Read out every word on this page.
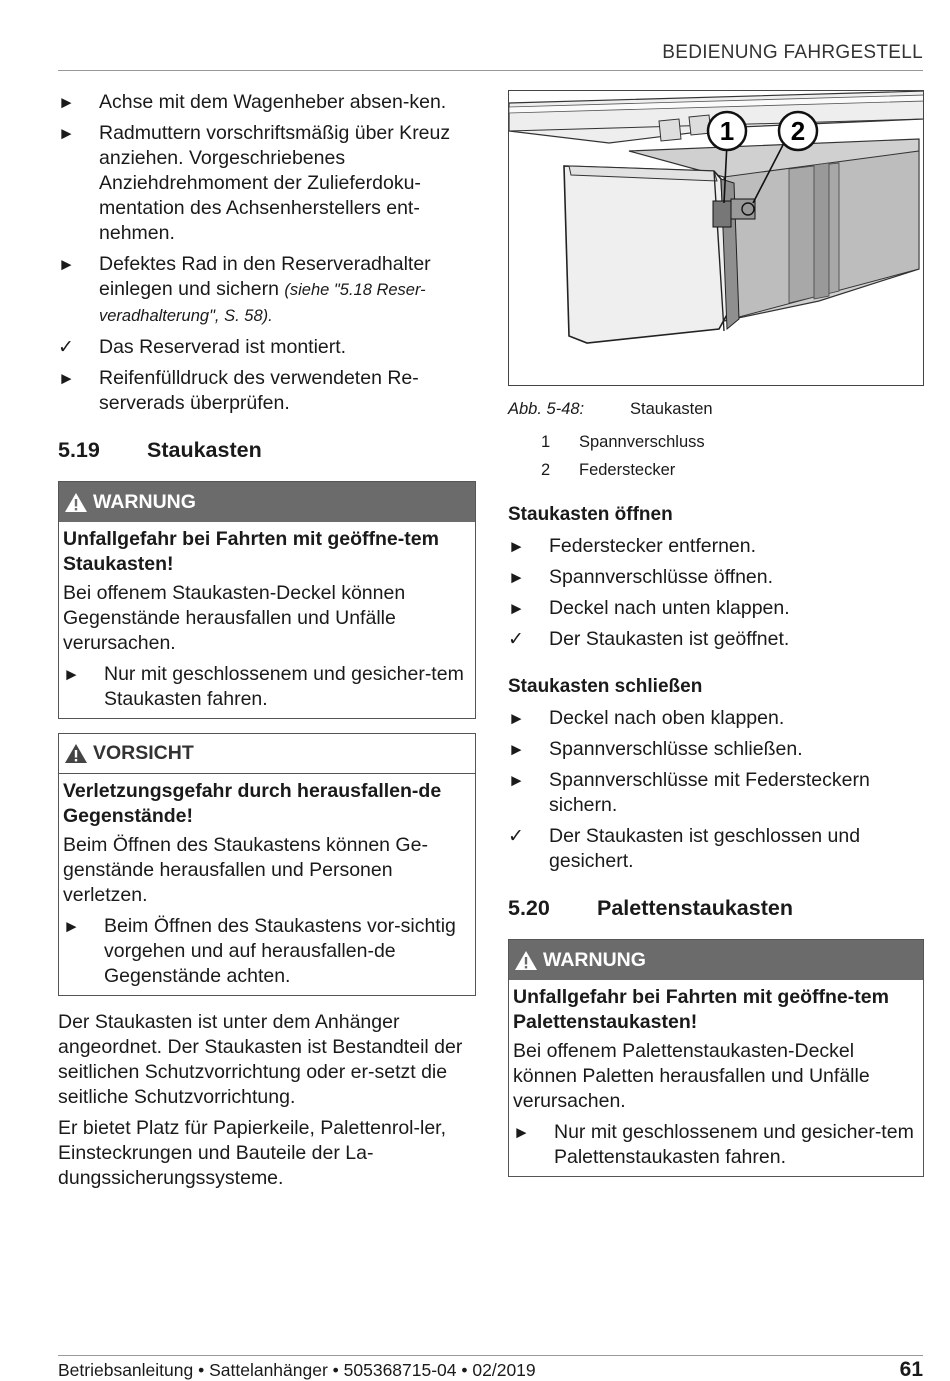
BEDIENUNG FAHRGESTELL
►	Achse mit dem Wagenheber absen-ken.
►	Radmuttern vorschriftsmäßig über Kreuz anziehen. Vorgeschriebenes Anziehdrehmoment der Zulieferdoku-mentation des Achsenherstellers ent-nehmen.
►	Defektes Rad in den Reserveradhalter einlegen und sichern (siehe "5.18 Reser-veradhalterung", S. 58).
✓	Das Reserverad ist montiert.
►	Reifenfülldruck des verwendeten Re-serverads überprüfen.
5.19	Staukasten
WARNUNG
Unfallgefahr bei Fahrten mit geöffne-tem Staukasten!

Bei offenem Staukasten-Deckel können Gegenstände herausfallen und Unfälle verursachen.

►	Nur mit geschlossenem und gesicher-tem Staukasten fahren.
VORSICHT
Verletzungsgefahr durch herausfallen-de Gegenstände!

Beim Öffnen des Staukastens können Ge-genstände herausfallen und Personen verletzen.

►	Beim Öffnen des Staukastens vor-sichtig vorgehen und auf herausfallen-de Gegenstände achten.

Der Staukasten ist unter dem Anhänger angeordnet. Der Staukasten ist Bestandteil der seitlichen Schutzvorrichtung oder er-setzt die seitliche Schutzvorrichtung.

Er bietet Platz für Papierkeile, Palettenrol-ler, Einsteckrungen und Bauteile der La-dungssicherungssysteme.

1 2
Abb. 5-48:	Staukasten
1	Spannverschluss
2	Federstecker
Staukasten öffnen
►	Federstecker entfernen.
►	Spannverschlüsse öffnen.
►	Deckel nach unten klappen.
✓	Der Staukasten ist geöffnet.
Staukasten schließen
►	Deckel nach oben klappen.
►	Spannverschlüsse schließen.
►	Spannverschlüsse mit Federsteckern sichern.
✓	Der Staukasten ist geschlossen und gesichert.
5.20	Palettenstaukasten
WARNUNG
Unfallgefahr bei Fahrten mit geöffne-tem Palettenstaukasten!

Bei offenem Palettenstaukasten-Deckel können Paletten herausfallen und Unfälle verursachen.

►	Nur mit geschlossenem und gesicher-tem Palettenstaukasten fahren.
Betriebsanleitung • Sattelanhänger • 505368715-04 • 02/2019	61
